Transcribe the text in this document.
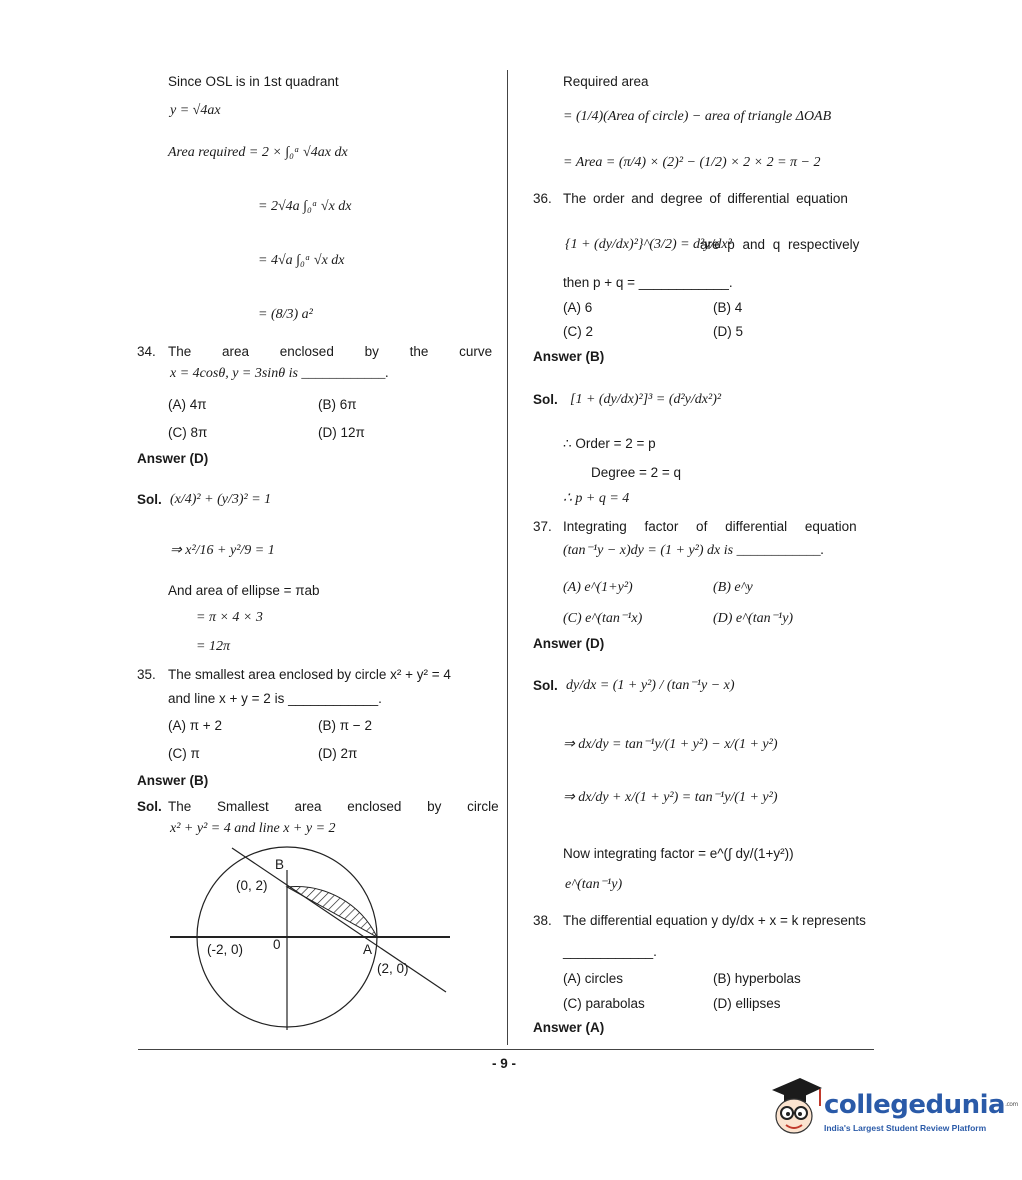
- 9 -
Since OSL is in 1st quadrant
y = √4ax
Area required = 2 × ∫₀ᵃ √4ax dx
= 2√4a ∫₀ᵃ √x dx
= 4√a ∫₀ᵃ √x dx
= (8/3) a²
34. The area enclosed by the curve
x = 4cosθ, y = 3sinθ is ____________.
(A) 4π	(B) 6π
(C) 8π	(D) 12π
Answer (D)
Sol. (x/4)² + (y/3)² = 1
⇒ x²/16 + y²/9 = 1
And area of ellipse = πab
= π × 4 × 3
= 12π
35. The smallest area enclosed by circle x² + y² = 4
and line x + y = 2 is ____________.
(A) π + 2	(B) π − 2
(C) π	(D) 2π
Answer (B)
Sol. The Smallest area enclosed by circle
x² + y² = 4 and line x + y = 2
B
(0, 2)
(-2, 0) 0	A
(2, 0)
Required area
= (1/4)(Area of circle) − area of triangle ΔOAB
= Area = (π/4) × (2)² − (1/2) × 2 × 2 = π − 2
36. The order and degree of differential equation
{1 + (dy/dx)²}^(3/2) = d²y/dx²
are p and q respectively
then p + q = ____________.
(A) 6	(B) 4
(C) 2	(D) 5
Answer (B)
Sol. [1 + (dy/dx)²]³ = (d²y/dx²)²
∴ Order = 2 = p
Degree = 2 = q
∴ p + q = 4
37. Integrating factor of differential equation
(tan⁻¹y − x)dy = (1 + y²) dx is ____________.
(A) e^(1+y²)	(B) e^y
(C) e^(tan⁻¹x)	(D) e^(tan⁻¹y)
Answer (D)
Sol. dy/dx = (1 + y²) / (tan⁻¹y − x)
⇒ dx/dy = tan⁻¹y/(1 + y²) − x/(1 + y²)
⇒ dx/dy + x/(1 + y²) = tan⁻¹y/(1 + y²)
Now integrating factor = e^(∫ dy/(1+y²))
e^(tan⁻¹y)
38. The differential equation y dy/dx + x = k represents
____________.
(A) circles	(B) hyperbolas
(C) parabolas	(D) ellipses
Answer (A)
collegedunia$^{.com}$
India's Largest Student Review Platform
